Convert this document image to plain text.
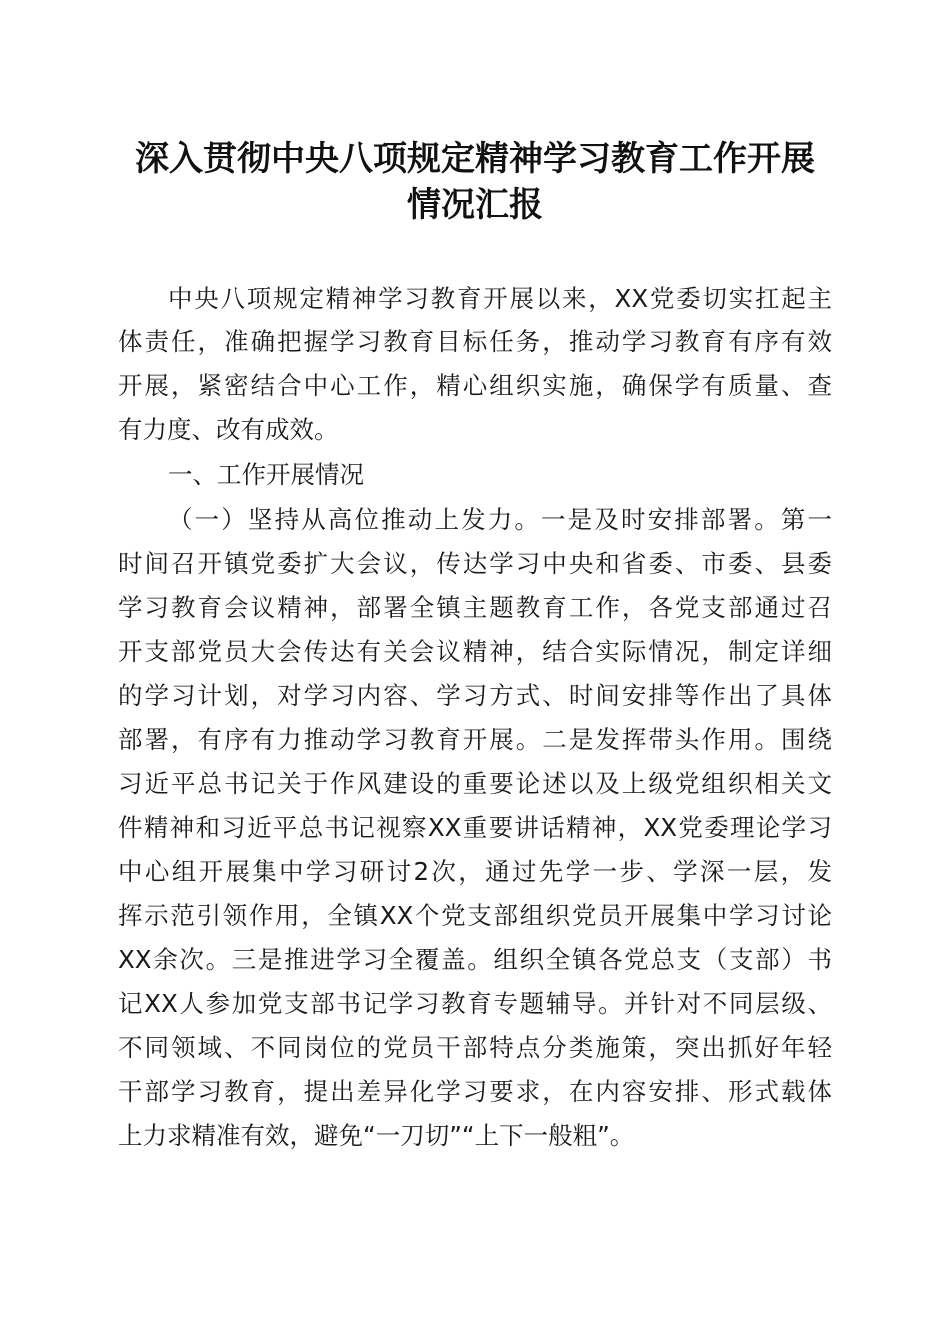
深入贯彻中央八项规定精神学习教育工作开展
情况汇报

中央八项规定精神学习教育开展以来，XX党委切实扛起主

体责任，准确把握学习教育目标任务，推动学习教育有序有效

开展，紧密结合中心工作，精心组织实施，确保学有质量、查

有力度、改有成效。

一、工作开展情况

（一）坚持从高位推动上发力。一是及时安排部署。第一

时间召开镇党委扩大会议，传达学习中央和省委、市委、县委

学习教育会议精神，部署全镇主题教育工作，各党支部通过召

开支部党员大会传达有关会议精神，结合实际情况，制定详细

的学习计划，对学习内容、学习方式、时间安排等作出了具体

部署，有序有力推动学习教育开展。二是发挥带头作用。围绕

习近平总书记关于作风建设的重要论述以及上级党组织相关文

件精神和习近平总书记视察XX重要讲话精神，XX党委理论学习

中心组开展集中学习研讨2次，通过先学一步、学深一层，发

挥示范引领作用，全镇XX个党支部组织党员开展集中学习讨论

XX余次。三是推进学习全覆盖。组织全镇各党总支（支部）书

记XX人参加党支部书记学习教育专题辅导。并针对不同层级、

不同领域、不同岗位的党员干部特点分类施策，突出抓好年轻

干部学习教育，提出差异化学习要求，在内容安排、形式载体

上力求精准有效，避免“一刀切”“上下一般粗”。
